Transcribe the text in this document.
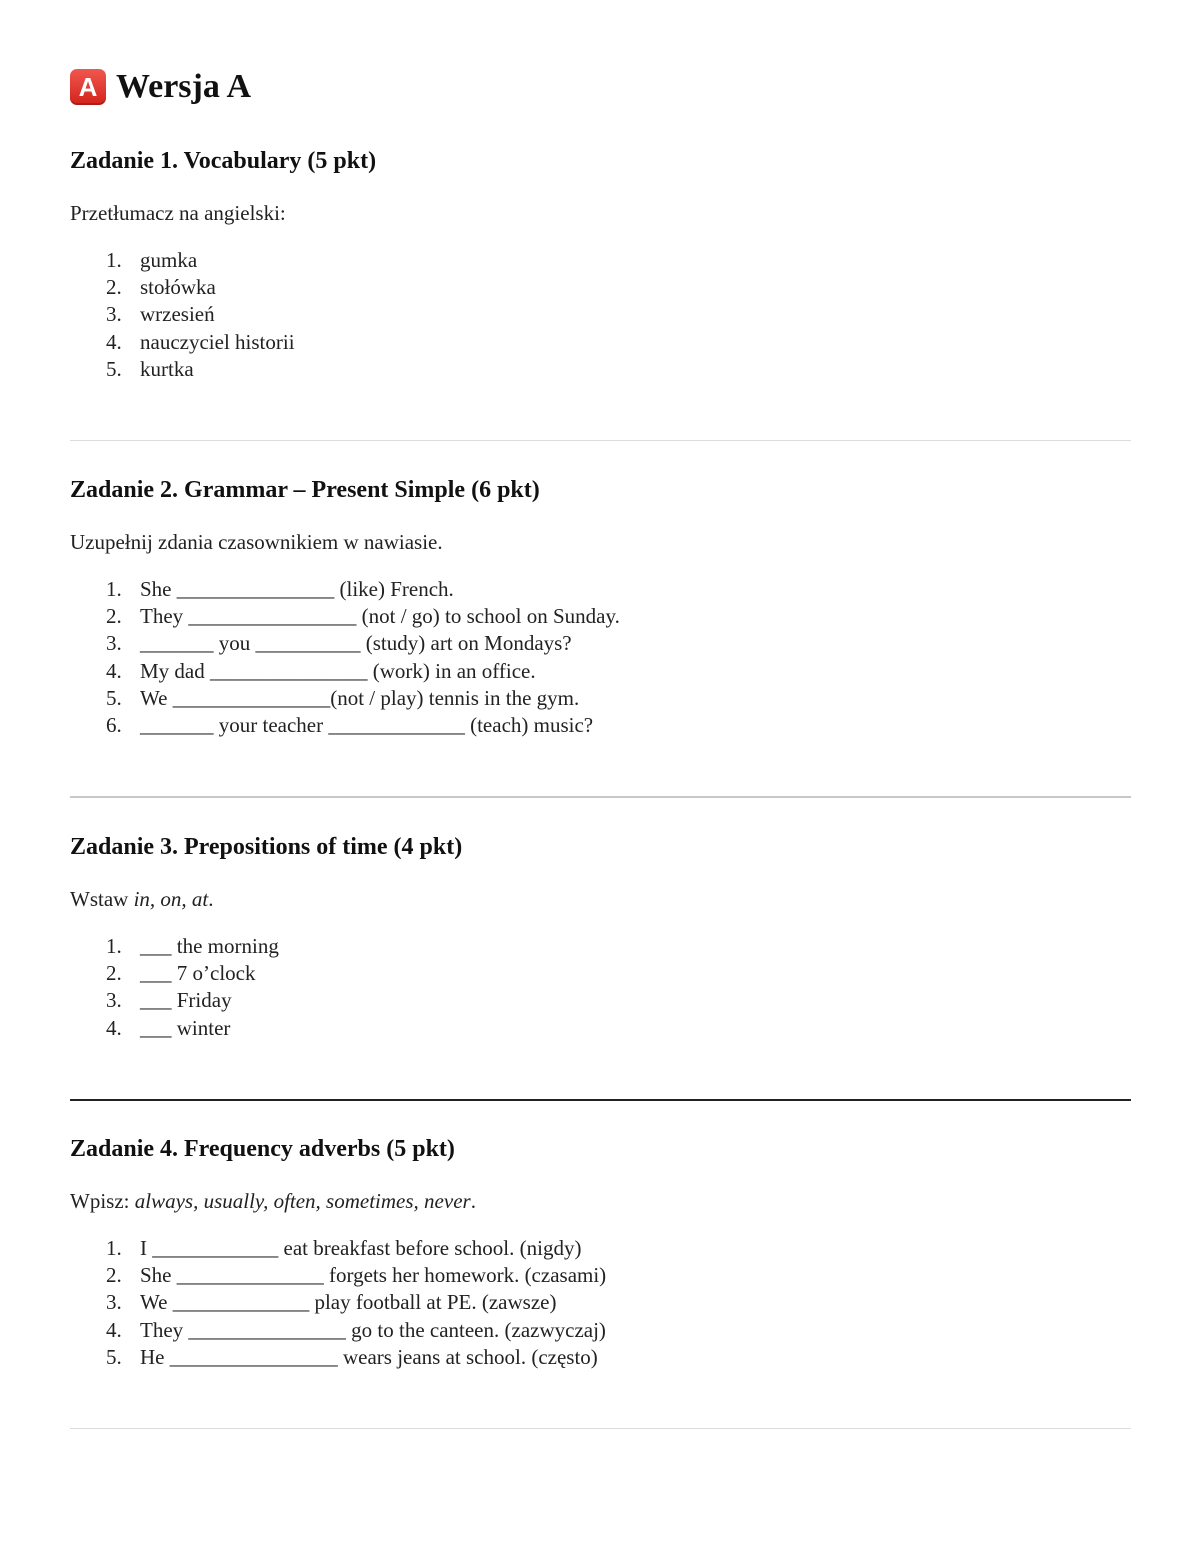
A Wersja A
Zadanie 1. Vocabulary (5 pkt)

Przetłumacz na angielski:

1. gumka
2. stołówka
3. wrzesień
4. nauczyciel historii
5. kurtka
Zadanie 2. Grammar – Present Simple (6 pkt)

Uzupełnij zdania czasownikiem w nawiasie.

1. She _______________ (like) French.
2. They ________________ (not / go) to school on Sunday.
3. _______ you __________ (study) art on Mondays?
4. My dad _______________ (work) in an office.
5. We _______________(not / play) tennis in the gym.
6. _______ your teacher _____________ (teach) music?
Zadanie 3. Prepositions of time (4 pkt)

Wstaw in, on, at.

1. ___ the morning
2. ___ 7 o’clock
3. ___ Friday
4. ___ winter
Zadanie 4. Frequency adverbs (5 pkt)

Wpisz: always, usually, often, sometimes, never.

1. I ____________ eat breakfast before school. (nigdy)
2. She ______________ forgets her homework. (czasami)
3. We _____________ play football at PE. (zawsze)
4. They _______________ go to the canteen. (zazwyczaj)
5. He ________________ wears jeans at school. (często)
